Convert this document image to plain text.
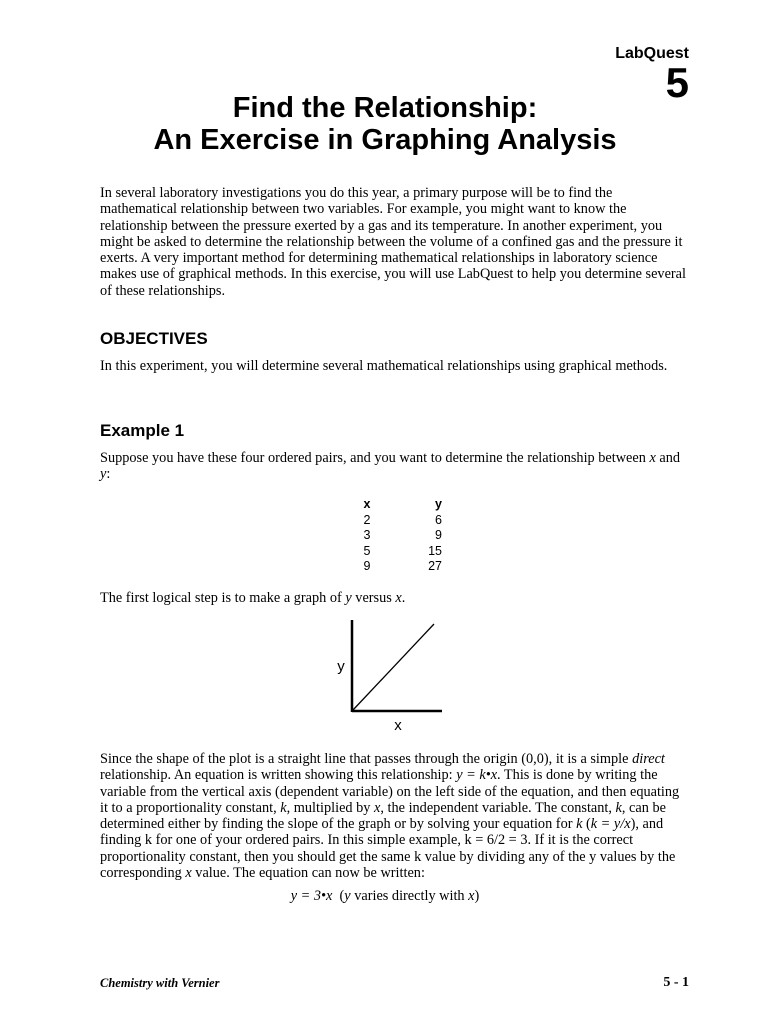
LabQuest
5
Find the Relationship:
An Exercise in Graphing Analysis

In several laboratory investigations you do this year, a primary purpose will be to find the mathematical relationship between two variables. For example, you might want to know the relationship between the pressure exerted by a gas and its temperature. In another experiment, you might be asked to determine the relationship between the volume of a confined gas and the pressure it exerts. A very important method for determining mathematical relationships in laboratory science makes use of graphical methods. In this exercise, you will use LabQuest to help you determine several of these relationships.

OBJECTIVES

In this experiment, you will determine several mathematical relationships using graphical methods.

Example 1

Suppose you have these four ordered pairs, and you want to determine the relationship between x and y:

x	y
2	6
3	9
5	15
9	27

The first logical step is to make a graph of y versus x.

y
x

Since the shape of the plot is a straight line that passes through the origin (0,0), it is a simple direct relationship. An equation is written showing this relationship: y = k•x. This is done by writing the variable from the vertical axis (dependent variable) on the left side of the equation, and then equating it to a proportionality constant, k, multiplied by x, the independent variable. The constant, k, can be determined either by finding the slope of the graph or by solving your equation for k (k = y/x), and finding k for one of your ordered pairs. In this simple example, k = 6/2 = 3. If it is the correct proportionality constant, then you should get the same k value by dividing any of the y values by the corresponding x value. The equation can now be written:

y = 3•x  (y varies directly with x)
Chemistry with Vernier	5 - 1
